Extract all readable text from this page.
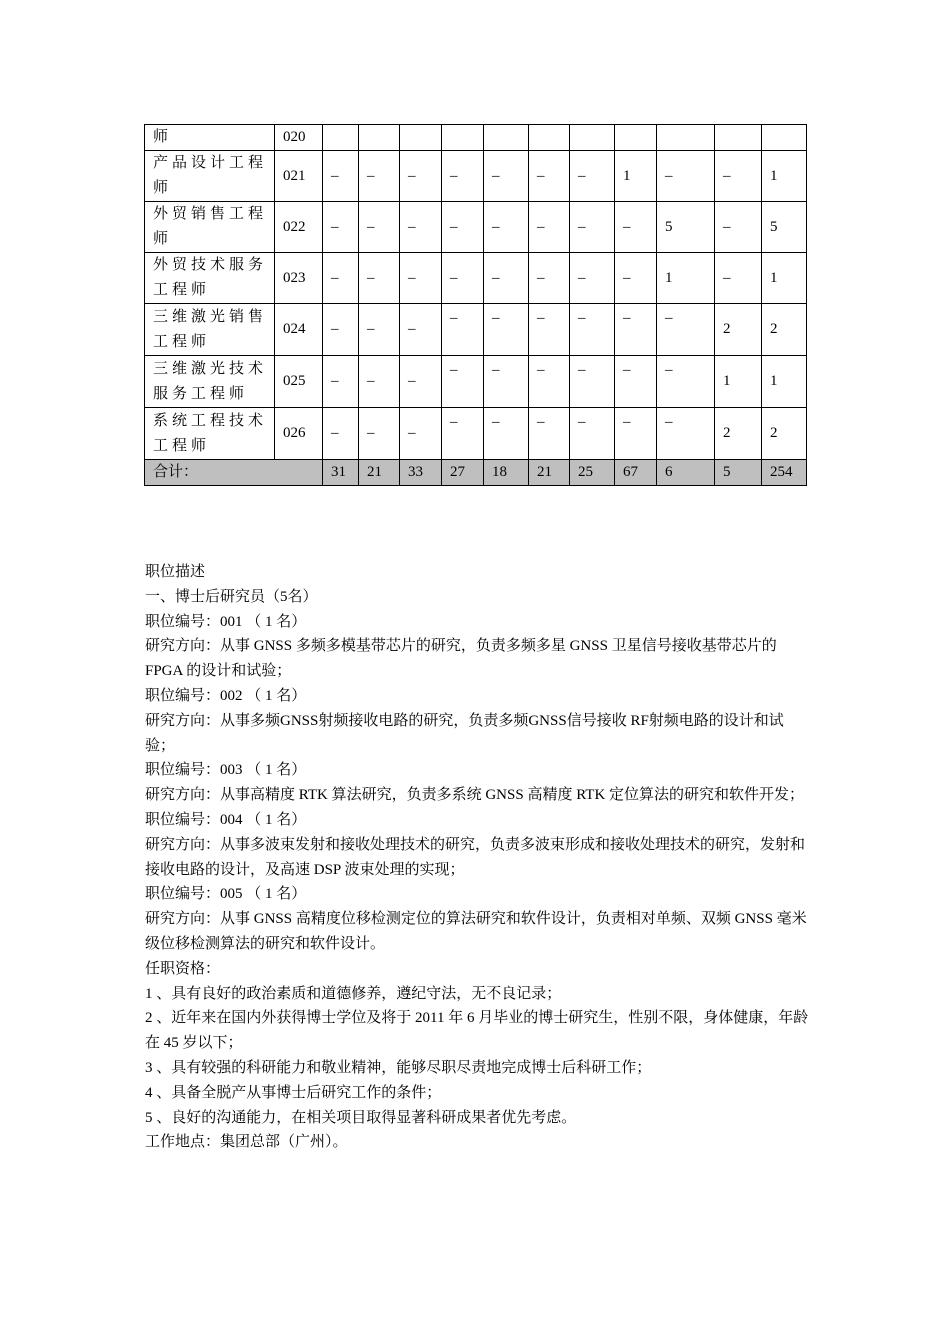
师	020											
产品设计工程师	021	–	–	–	–	–	–	–	1	–	–	1
外贸销售工程师	022	–	–	–	–	–	–	–	–	5	–	5
外贸技术服务工程师	023	–	–	–	–	–	–	–	–	1	–	1
三维激光销售工程师	024	–	–	–	–	–	–	–	–	–	2	2
三维激光技术服务工程师	025	–	–	–	–	–	–	–	–	–	1	1
系统工程技术工程师	026	–	–	–	–	–	–	–	–	–	2	2
合计：		31	21	33	27	18	21	25	67	6	5	254

职位描述

一、博士后研究员（5名）

职位编号：001 （ 1 名）

研究方向：从事 GNSS 多频多模基带芯片的研究，负责多频多星 GNSS 卫星信号接收基带芯片的 FPGA 的设计和试验；

职位编号：002 （ 1 名）

研究方向：从事多频GNSS射频接收电路的研究，负责多频GNSS信号接收 RF射频电路的设计和试验；

职位编号：003 （ 1 名）

研究方向：从事高精度 RTK 算法研究，负责多系统 GNSS 高精度 RTK 定位算法的研究和软件开发；

职位编号：004 （ 1 名）

研究方向：从事多波束发射和接收处理技术的研究，负责多波束形成和接收处理技术的研究，发射和接收电路的设计，及高速 DSP 波束处理的实现；

职位编号：005 （ 1 名）

研究方向：从事 GNSS 高精度位移检测定位的算法研究和软件设计，负责相对单频、双频 GNSS 毫米级位移检测算法的研究和软件设计。

任职资格：

1 、具有良好的政治素质和道德修养，遵纪守法，无不良记录；

2 、近年来在国内外获得博士学位及将于 2011 年 6 月毕业的博士研究生，性别不限，身体健康，年龄在 45 岁以下；

3 、具有较强的科研能力和敬业精神，能够尽职尽责地完成博士后科研工作；

4 、具备全脱产从事博士后研究工作的条件；

5 、良好的沟通能力，在相关项目取得显著科研成果者优先考虑。

工作地点：集团总部（广州）。
